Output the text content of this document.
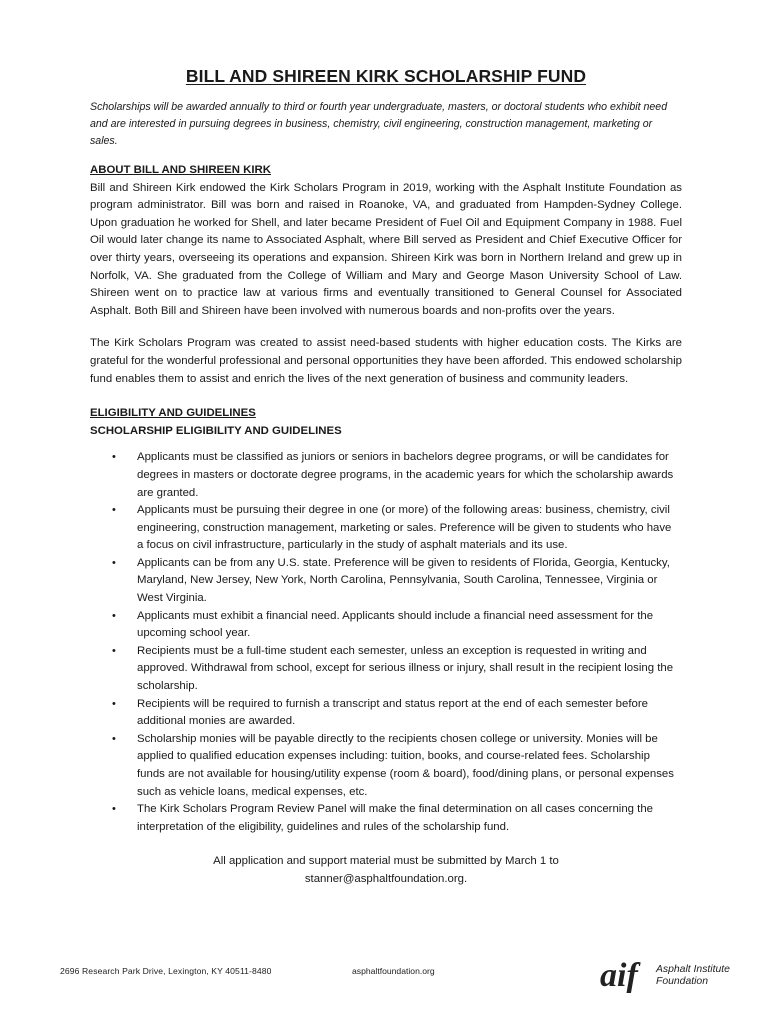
BILL AND SHIREEN KIRK SCHOLARSHIP FUND

Scholarships will be awarded annually to third or fourth year undergraduate, masters, or doctoral students who exhibit need and are interested in pursuing degrees in business, chemistry, civil engineering, construction management, marketing or sales.

ABOUT BILL AND SHIREEN KIRK

Bill and Shireen Kirk endowed the Kirk Scholars Program in 2019, working with the Asphalt Institute Foundation as program administrator. Bill was born and raised in Roanoke, VA, and graduated from Hampden-Sydney College. Upon graduation he worked for Shell, and later became President of Fuel Oil and Equipment Company in 1988. Fuel Oil would later change its name to Associated Asphalt, where Bill served as President and Chief Executive Officer for over thirty years, overseeing its operations and expansion. Shireen Kirk was born in Northern Ireland and grew up in Norfolk, VA. She graduated from the College of William and Mary and George Mason University School of Law. Shireen went on to practice law at various firms and eventually transitioned to General Counsel for Associated Asphalt. Both Bill and Shireen have been involved with numerous boards and non-profits over the years.

The Kirk Scholars Program was created to assist need-based students with higher education costs. The Kirks are grateful for the wonderful professional and personal opportunities they have been afforded. This endowed scholarship fund enables them to assist and enrich the lives of the next generation of business and community leaders.

ELIGIBILITY AND GUIDELINES

SCHOLARSHIP ELIGIBILITY AND GUIDELINES

• Applicants must be classified as juniors or seniors in bachelors degree programs, or will be candidates for degrees in masters or doctorate degree programs, in the academic years for which the scholarship awards are granted.
• Applicants must be pursuing their degree in one (or more) of the following areas: business, chemistry, civil engineering, construction management, marketing or sales. Preference will be given to students who have a focus on civil infrastructure, particularly in the study of asphalt materials and its use.
• Applicants can be from any U.S. state. Preference will be given to residents of Florida, Georgia, Kentucky, Maryland, New Jersey, New York, North Carolina, Pennsylvania, South Carolina, Tennessee, Virginia or West Virginia.
• Applicants must exhibit a financial need. Applicants should include a financial need assessment for the upcoming school year.
• Recipients must be a full-time student each semester, unless an exception is requested in writing and approved. Withdrawal from school, except for serious illness or injury, shall result in the recipient losing the scholarship.
• Recipients will be required to furnish a transcript and status report at the end of each semester before additional monies are awarded.
• Scholarship monies will be payable directly to the recipients chosen college or university. Monies will be applied to qualified education expenses including: tuition, books, and course-related fees. Scholarship funds are not available for housing/utility expense (room & board), food/dining plans, or personal expenses such as vehicle loans, medical expenses, etc.
• The Kirk Scholars Program Review Panel will make the final determination on all cases concerning the interpretation of the eligibility, guidelines and rules of the scholarship fund.
All application and support material must be submitted by March 1 to
stanner@asphaltfoundation.org.
2696 Research Park Drive, Lexington, KY 40511-8480	asphaltfoundation.org	aif	Asphalt Institute
Foundation
